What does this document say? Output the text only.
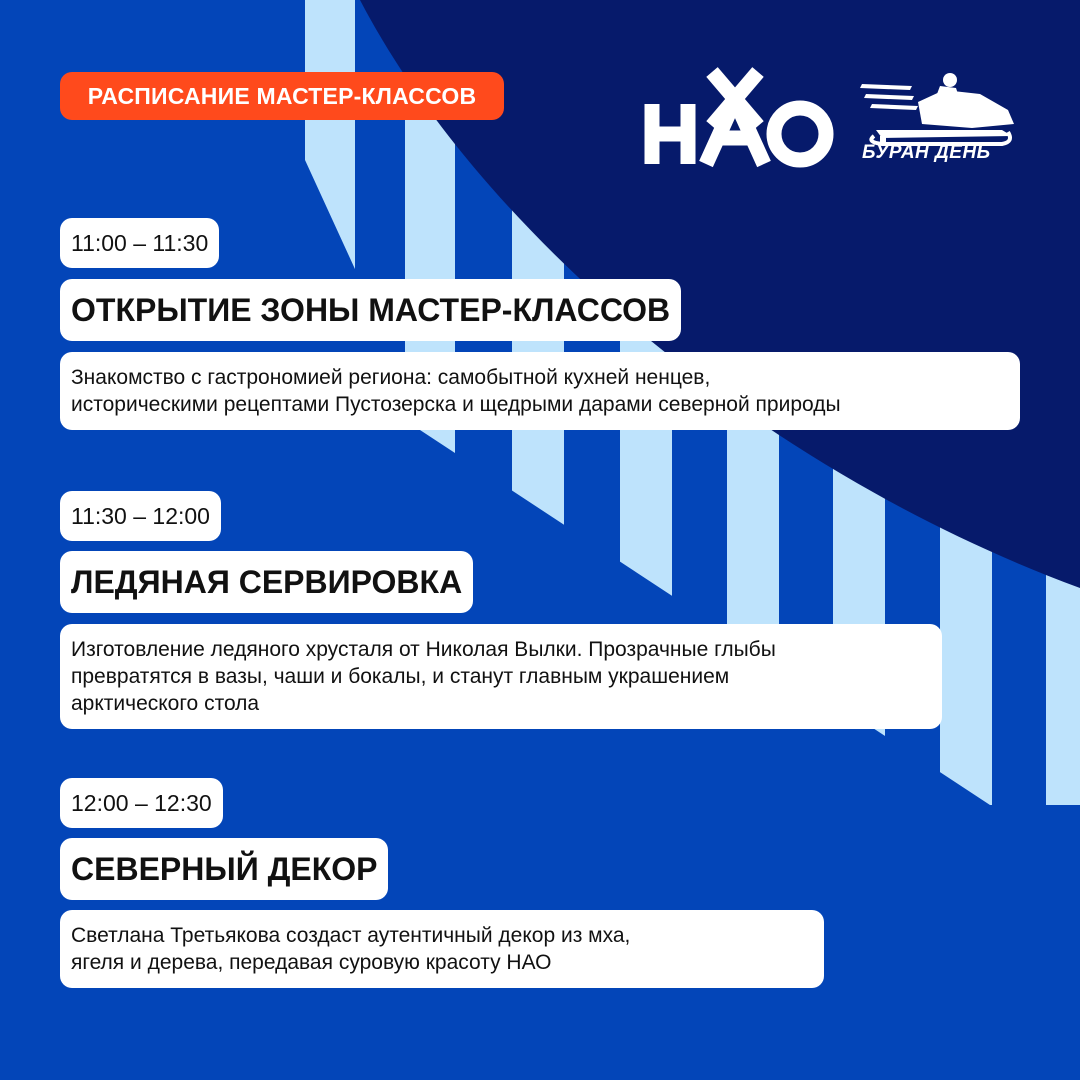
РАСПИСАНИЕ МАСТЕР-КЛАССОВ
БУРАН ДЕНЬ
11:00 – 11:30
ОТКРЫТИЕ ЗОНЫ МАСТЕР-КЛАССОВ
Знакомство с гастрономией региона: самобытной кухней ненцев,
историческими рецептами Пустозерска и щедрыми дарами северной природы
11:30 – 12:00
ЛЕДЯНАЯ СЕРВИРОВКА
Изготовление ледяного хрусталя от Николая Вылки. Прозрачные глыбы
превратятся в вазы, чаши и бокалы, и станут главным украшением
арктического стола
12:00 – 12:30
СЕВЕРНЫЙ ДЕКОР
Светлана Третьякова создаст аутентичный декор из мха,
ягеля и дерева, передавая суровую красоту НАО
